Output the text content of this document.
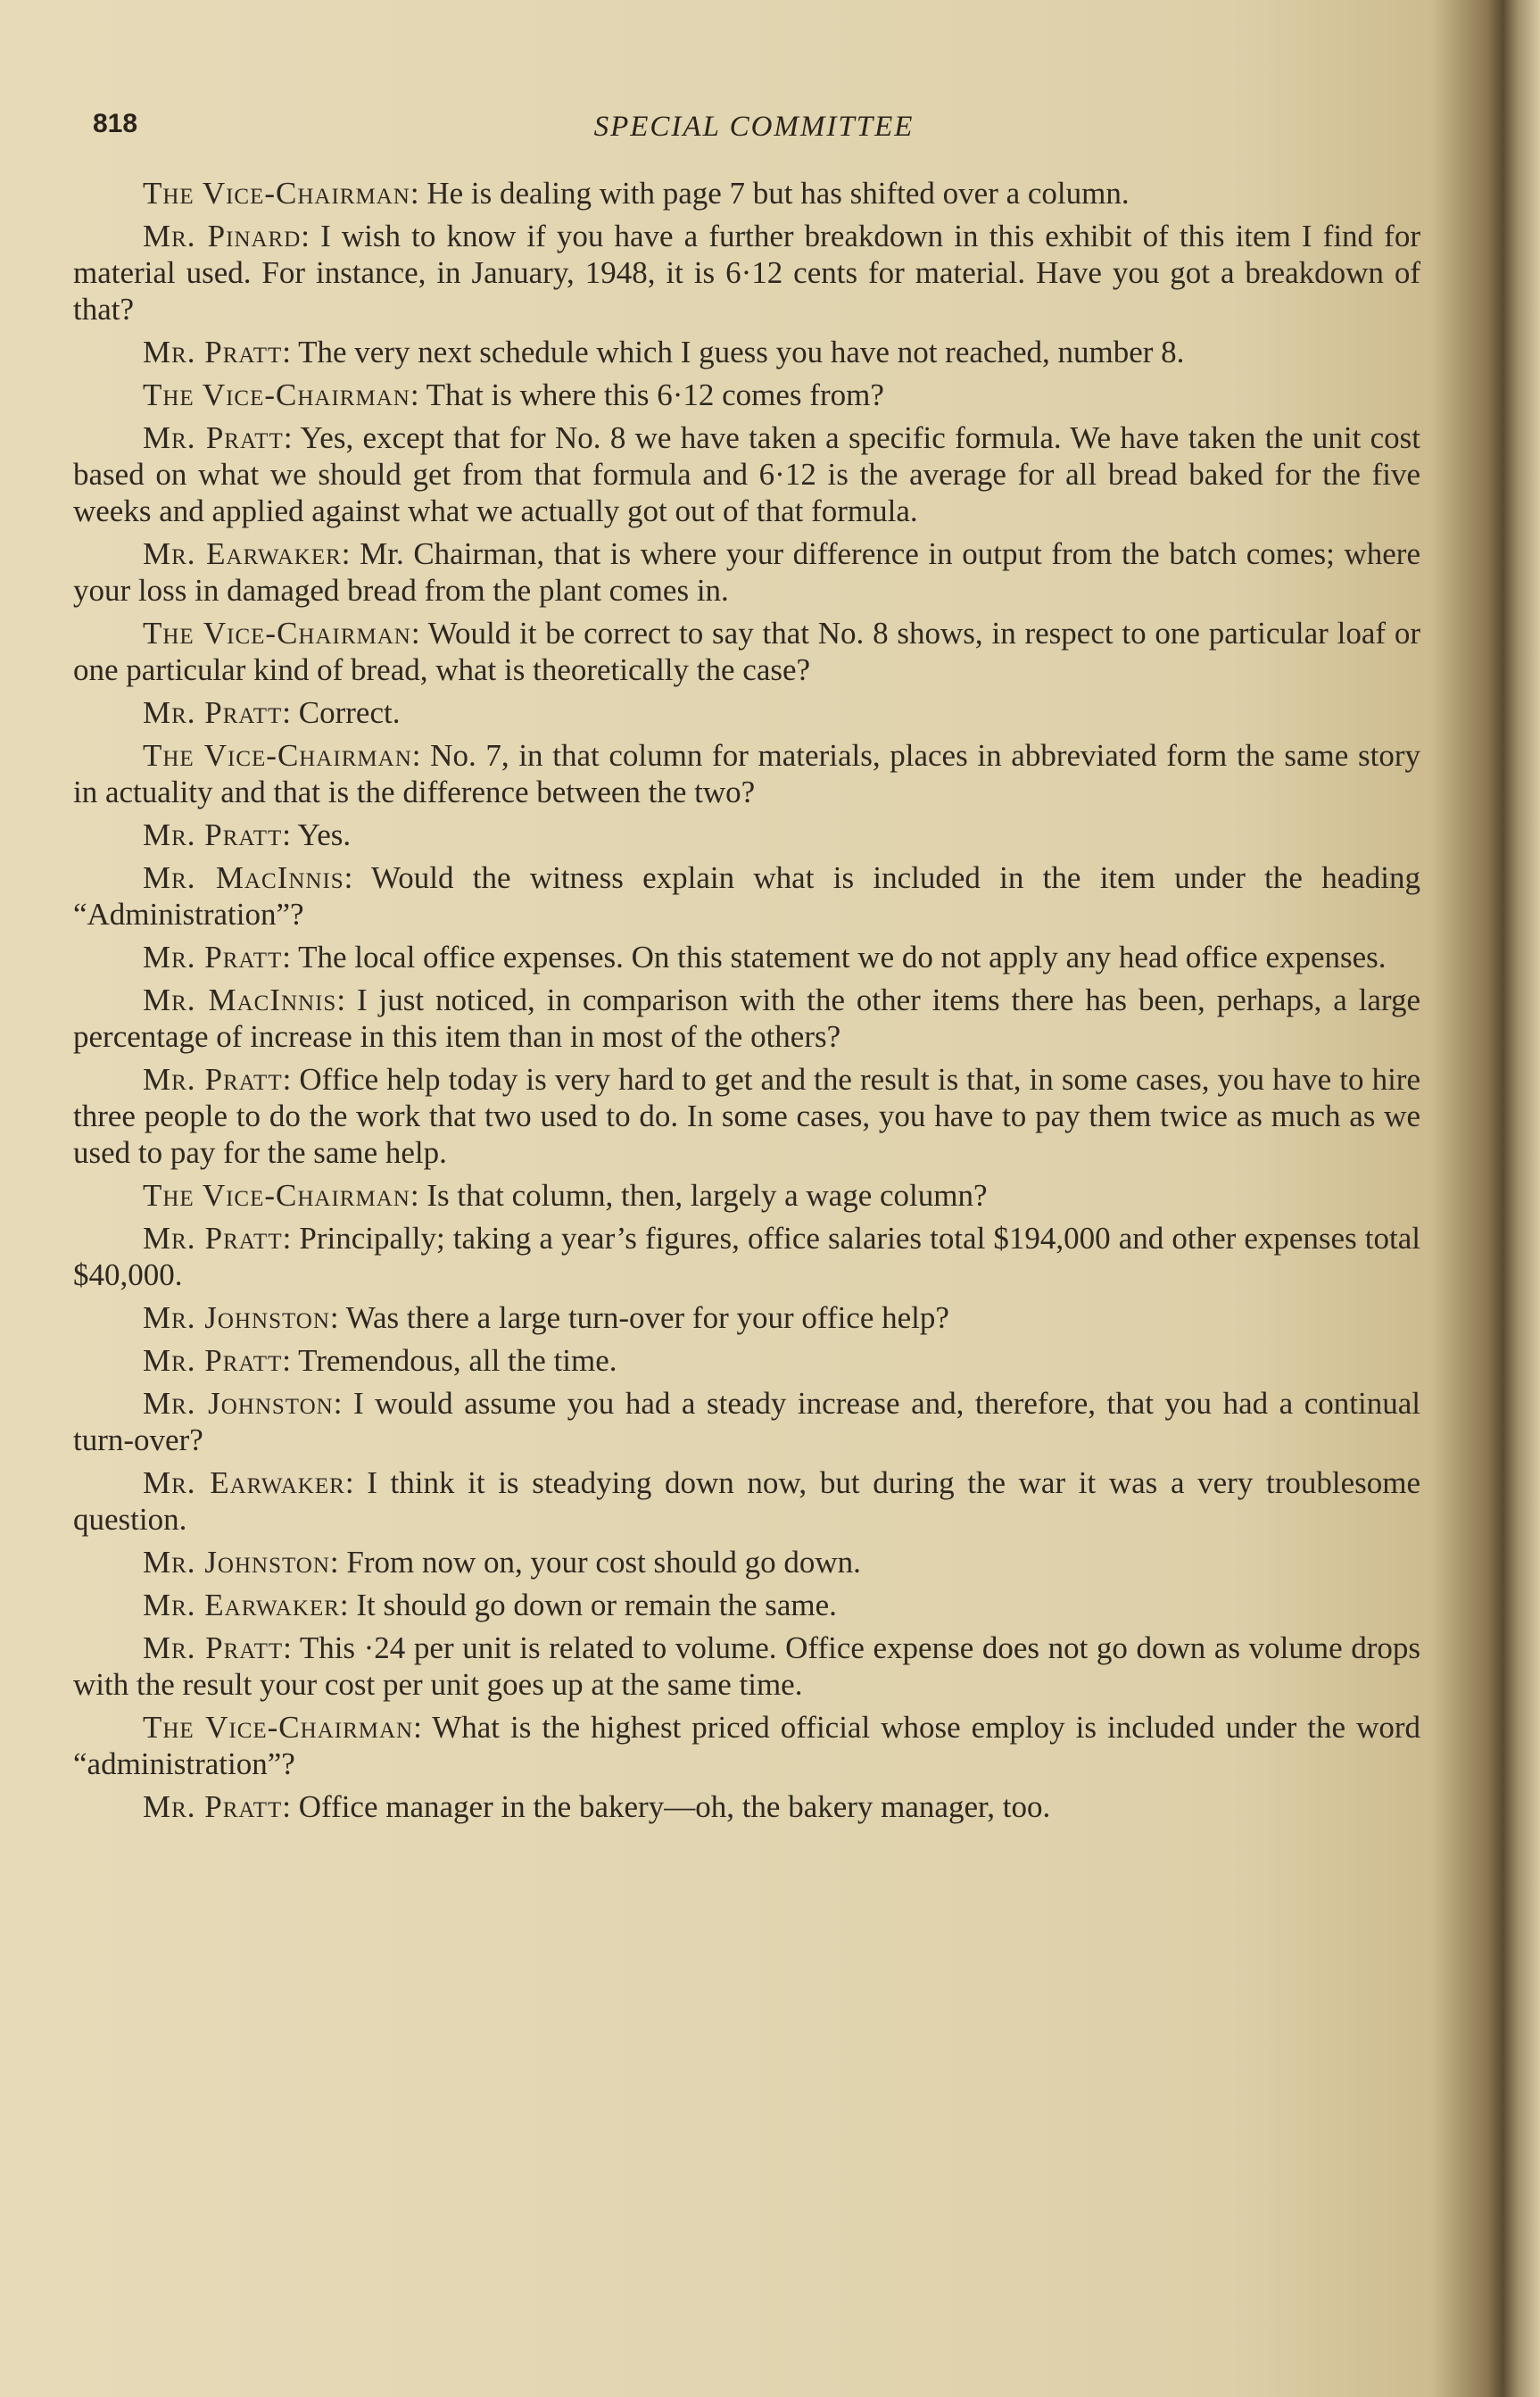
818	SPECIAL COMMITTEE

The Vice-Chairman: He is dealing with page 7 but has shifted over a column.

Mr. Pinard: I wish to know if you have a further breakdown in this exhibit of this item I find for material used. For instance, in January, 1948, it is 6·12 cents for material. Have you got a breakdown of that?

Mr. Pratt: The very next schedule which I guess you have not reached, number 8.

The Vice-Chairman: That is where this 6·12 comes from?

Mr. Pratt: Yes, except that for No. 8 we have taken a specific formula. We have taken the unit cost based on what we should get from that formula and 6·12 is the average for all bread baked for the five weeks and applied against what we actually got out of that formula.

Mr. Earwaker: Mr. Chairman, that is where your difference in output from the batch comes; where your loss in damaged bread from the plant comes in.

The Vice-Chairman: Would it be correct to say that No. 8 shows, in respect to one particular loaf or one particular kind of bread, what is theoretically the case?

Mr. Pratt: Correct.

The Vice-Chairman: No. 7, in that column for materials, places in abbreviated form the same story in actuality and that is the difference between the two?

Mr. Pratt: Yes.

Mr. MacInnis: Would the witness explain what is included in the item under the heading “Administration”?

Mr. Pratt: The local office expenses. On this statement we do not apply any head office expenses.

Mr. MacInnis: I just noticed, in comparison with the other items there has been, perhaps, a large percentage of increase in this item than in most of the others?

Mr. Pratt: Office help today is very hard to get and the result is that, in some cases, you have to hire three people to do the work that two used to do. In some cases, you have to pay them twice as much as we used to pay for the same help.

The Vice-Chairman: Is that column, then, largely a wage column?

Mr. Pratt: Principally; taking a year’s figures, office salaries total $194,000 and other expenses total $40,000.

Mr. Johnston: Was there a large turn-over for your office help?

Mr. Pratt: Tremendous, all the time.

Mr. Johnston: I would assume you had a steady increase and, therefore, that you had a continual turn-over?

Mr. Earwaker: I think it is steadying down now, but during the war it was a very troublesome question.

Mr. Johnston: From now on, your cost should go down.

Mr. Earwaker: It should go down or remain the same.

Mr. Pratt: This ·24 per unit is related to volume. Office expense does not go down as volume drops with the result your cost per unit goes up at the same time.

The Vice-Chairman: What is the highest priced official whose employ is included under the word “administration”?

Mr. Pratt: Office manager in the bakery—oh, the bakery manager, too.
